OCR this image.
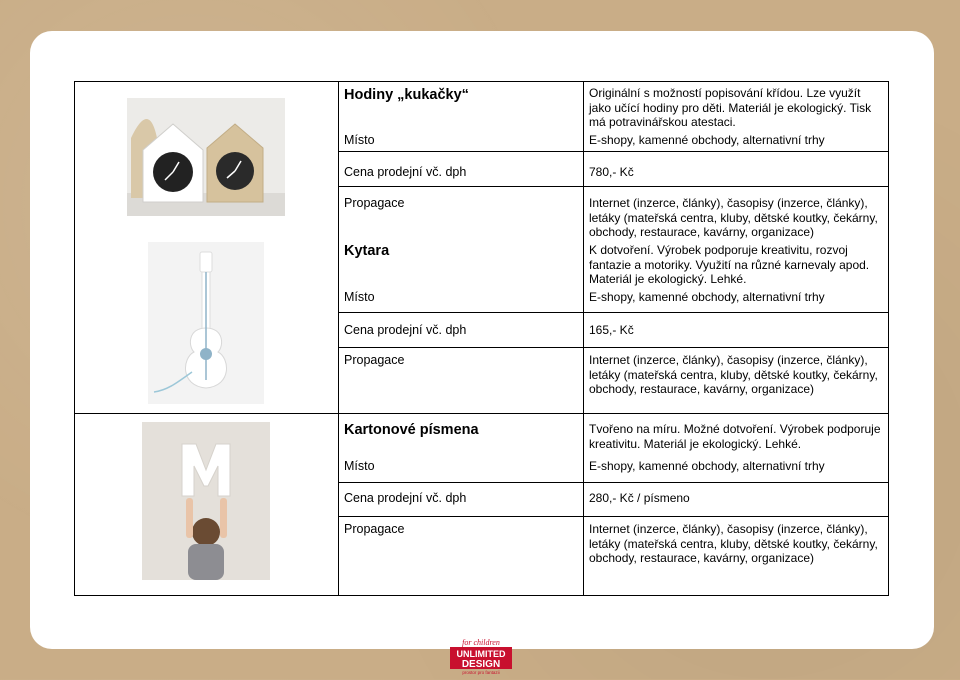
Hodiny „kukačky“
Místo
Cena prodejní vč. dph
Propagace
Originální s možností popisování křídou. Lze využít jako učící hodiny pro děti. Materiál je ekologický. Tisk má potravinářskou atestaci.
E-shopy, kamenné obchody, alternativní trhy
780,- Kč
Internet (inzerce, články), časopisy (inzerce, články), letáky (mateřská centra, kluby, dětské koutky, čekárny, obchody, restaurace, kavárny, organizace)
Kytara
Místo
Cena prodejní vč. dph
Propagace
K dotvoření. Výrobek podporuje kreativitu, rozvoj fantazie a motoriky. Využití na různé karnevaly apod. Materiál je ekologický. Lehké.
E-shopy, kamenné obchody, alternativní trhy
165,- Kč
Internet (inzerce, články), časopisy (inzerce, články), letáky (mateřská centra, kluby, dětské koutky, čekárny, obchody, restaurace, kavárny, organizace)
Kartonové písmena
Místo
Cena prodejní vč. dph
Propagace
Tvořeno na míru. Možné dotvoření. Výrobek podporuje kreativitu. Materiál je ekologický. Lehké.
E-shopy, kamenné obchody, alternativní trhy
280,- Kč / písmeno
Internet (inzerce, články), časopisy (inzerce, články), letáky (mateřská centra, kluby, dětské koutky, čekárny, obchody, restaurace, kavárny, organizace)
for children
UNLIMITED
DESIGN
prostor pro fantazii
